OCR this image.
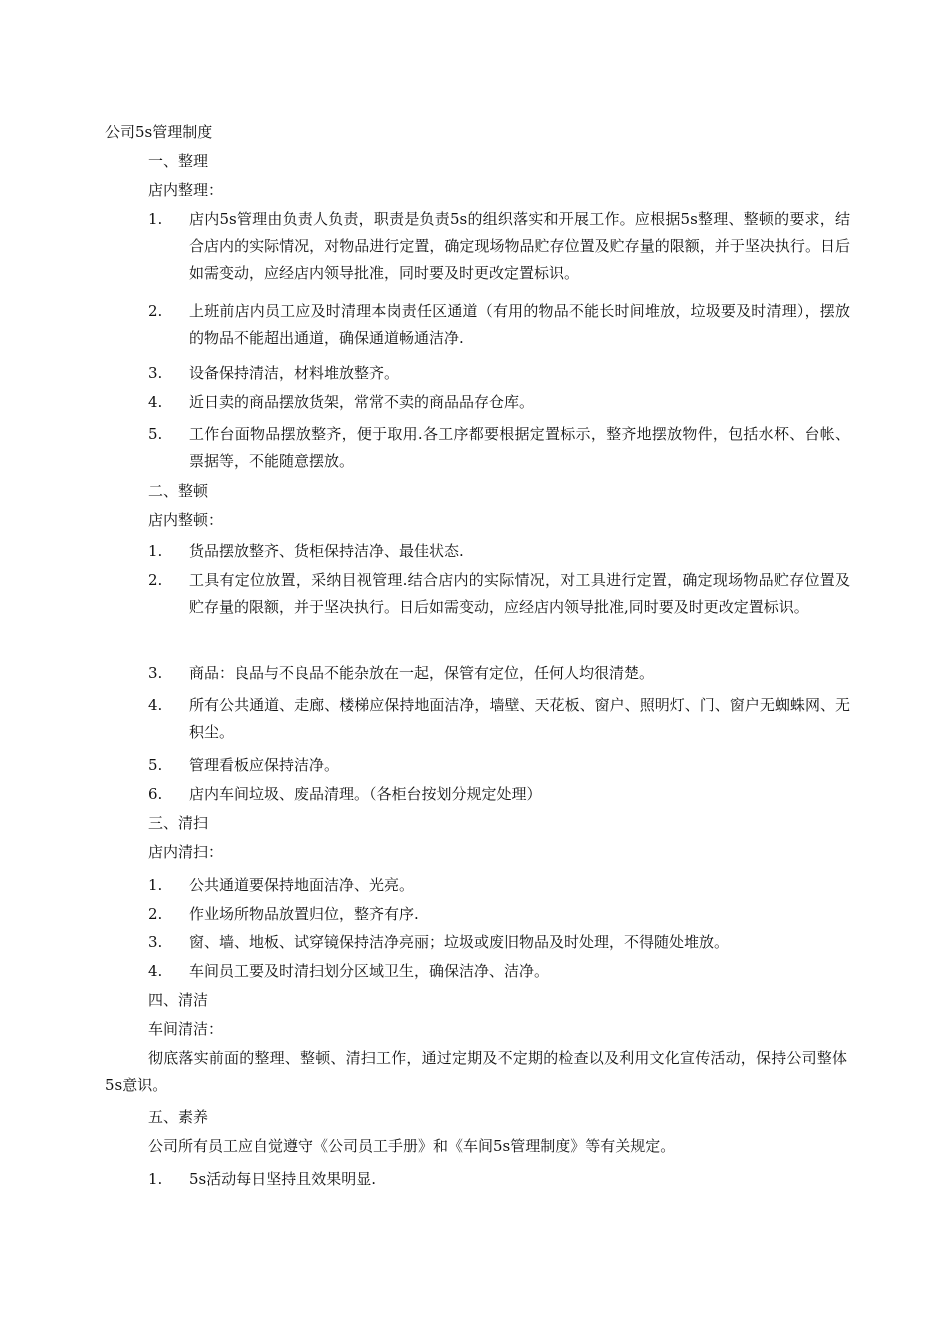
公司5s管理制度
一、整理
店内整理：
1.	店内5s管理由负责人负责，职责是负责5s的组织落实和开展工作。应根据5s整理、整顿的要求，结合店内的实际情况，对物品进行定置，确定现场物品贮存位置及贮存量的限额，并于坚决执行。日后如需变动，应经店内领导批准，同时要及时更改定置标识。
2.	上班前店内员工应及时清理本岗责任区通道（有用的物品不能长时间堆放，垃圾要及时清理），摆放的物品不能超出通道，确保通道畅通洁净.
3.	设备保持清洁，材料堆放整齐。
4.	近日卖的商品摆放货架，常常不卖的商品品存仓库。
5.	工作台面物品摆放整齐，便于取用.各工序都要根据定置标示，整齐地摆放物件，包括水杯、台帐、票据等，不能随意摆放。
二、整顿
店内整顿：
1.	货品摆放整齐、货柜保持洁净、最佳状态.
2.	工具有定位放置，采纳目视管理.结合店内的实际情况，对工具进行定置，确定现场物品贮存位置及贮存量的限额，并于坚决执行。日后如需变动，应经店内领导批准,同时要及时更改定置标识。
3.	商品：良品与不良品不能杂放在一起，保管有定位，任何人均很清楚。
4.	所有公共通道、走廊、楼梯应保持地面洁净，墙壁、天花板、窗户、照明灯、门、窗户无蜘蛛网、无积尘。
5.	管理看板应保持洁净。
6.	店内车间垃圾、废品清理。（各柜台按划分规定处理）
三、清扫
店内清扫：
1.	公共通道要保持地面洁净、光亮。
2.	作业场所物品放置归位，整齐有序.
3.	窗、墙、地板、试穿镜保持洁净亮丽；垃圾或废旧物品及时处理，不得随处堆放。
4.	车间员工要及时清扫划分区域卫生，确保洁净、洁净。
四、清洁
车间清洁：
彻底落实前面的整理、整顿、清扫工作，通过定期及不定期的检查以及利用文化宣传活动，保持公司整体5s意识。
五、素养
公司所有员工应自觉遵守《公司员工手册》和《车间5s管理制度》等有关规定。
1.	5s活动每日坚持且效果明显.
